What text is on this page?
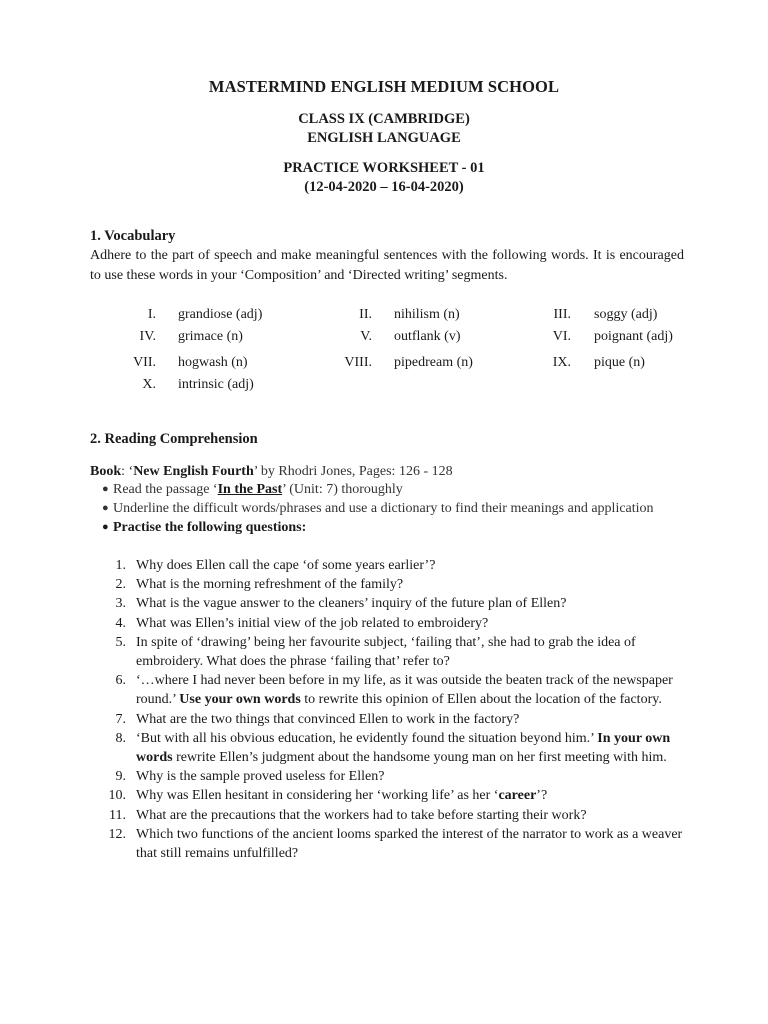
MASTERMIND ENGLISH MEDIUM SCHOOL
CLASS IX (CAMBRIDGE)
ENGLISH LANGUAGE
PRACTICE WORKSHEET - 01
(12-04-2020 – 16-04-2020)
1. Vocabulary
Adhere to the part of speech and make meaningful sentences with the following words. It is encouraged to use these words in your ‘Composition’ and ‘Directed writing’ segments.
I. grandiose (adj)	II. nihilism (n)	III. soggy (adj)
IV. grimace (n)	V. outflank (v)	VI. poignant (adj)
VII. hogwash (n)	VIII. pipedream (n)	IX. pique (n)
X. intrinsic (adj)
2. Reading Comprehension
Book: ‘New English Fourth’ by Rhodri Jones, Pages: 126 - 128
● Read the passage ‘In the Past’ (Unit: 7) thoroughly
● Underline the difficult words/phrases and use a dictionary to find their meanings and application
● Practise the following questions:
1. Why does Ellen call the cape ‘of some years earlier’?
2. What is the morning refreshment of the family?
3. What is the vague answer to the cleaners’ inquiry of the future plan of Ellen?
4. What was Ellen’s initial view of the job related to embroidery?
5. In spite of ‘drawing’ being her favourite subject, ‘failing that’, she had to grab the idea of embroidery. What does the phrase ‘failing that’ refer to?
6. ‘…where I had never been before in my life, as it was outside the beaten track of the newspaper round.’ Use your own words to rewrite this opinion of Ellen about the location of the factory.
7. What are the two things that convinced Ellen to work in the factory?
8. ‘But with all his obvious education, he evidently found the situation beyond him.’ In your own words rewrite Ellen’s judgment about the handsome young man on her first meeting with him.
9. Why is the sample proved useless for Ellen?
10. Why was Ellen hesitant in considering her ‘working life’ as her ‘career’?
11. What are the precautions that the workers had to take before starting their work?
12. Which two functions of the ancient looms sparked the interest of the narrator to work as a weaver that still remains unfulfilled?
